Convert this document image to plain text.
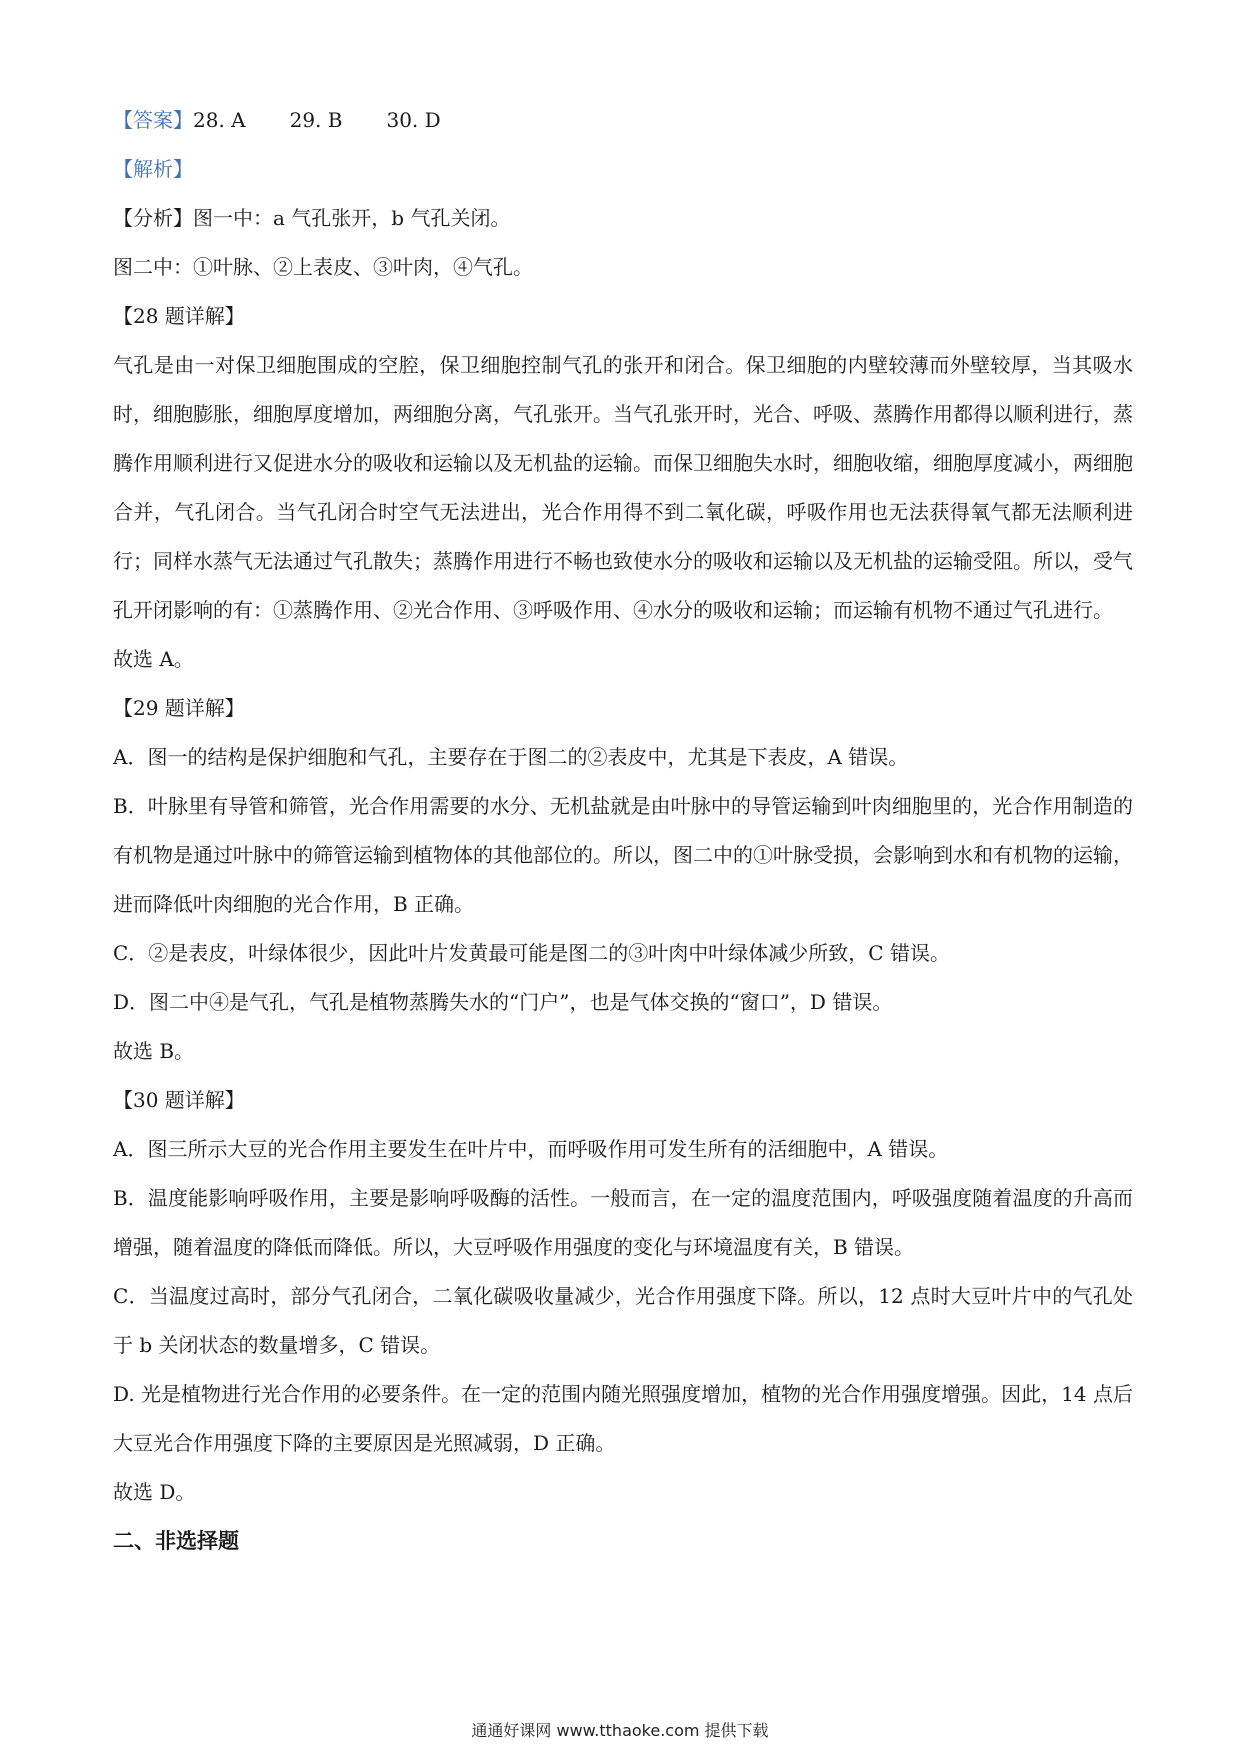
【答案】28. A 29. B 30. D
【解析】
【分析】图一中：a 气孔张开，b 气孔关闭。
图二中：①叶脉、②上表皮、③叶肉，④气孔。
【28 题详解】
气孔是由一对保卫细胞围成的空腔，保卫细胞控制气孔的张开和闭合。保卫细胞的内壁较薄而外壁较厚，当其吸水时，细胞膨胀，细胞厚度增加，两细胞分离，气孔张开。当气孔张开时，光合、呼吸、蒸腾作用都得以顺利进行，蒸腾作用顺利进行又促进水分的吸收和运输以及无机盐的运输。而保卫细胞失水时，细胞收缩，细胞厚度减小，两细胞合并，气孔闭合。当气孔闭合时空气无法进出，光合作用得不到二氧化碳，呼吸作用也无法获得氧气都无法顺利进行；同样水蒸气无法通过气孔散失；蒸腾作用进行不畅也致使水分的吸收和运输以及无机盐的运输受阻。所以，受气孔开闭影响的有：①蒸腾作用、②光合作用、③呼吸作用、④水分的吸收和运输；而运输有机物不通过气孔进行。
故选 A。
【29 题详解】
A．图一的结构是保护细胞和气孔，主要存在于图二的②表皮中，尤其是下表皮，A 错误。
B．叶脉里有导管和筛管，光合作用需要的水分、无机盐就是由叶脉中的导管运输到叶肉细胞里的，光合作用制造的有机物是通过叶脉中的筛管运输到植物体的其他部位的。所以，图二中的①叶脉受损，会影响到水和有机物的运输，进而降低叶肉细胞的光合作用，B 正确。
C．②是表皮，叶绿体很少，因此叶片发黄最可能是图二的③叶肉中叶绿体减少所致，C 错误。
D．图二中④是气孔，气孔是植物蒸腾失水的“门户”，也是气体交换的“窗口”，D 错误。
故选 B。
【30 题详解】
A．图三所示大豆的光合作用主要发生在叶片中，而呼吸作用可发生所有的活细胞中，A 错误。
B．温度能影响呼吸作用，主要是影响呼吸酶的活性。一般而言，在一定的温度范围内，呼吸强度随着温度的升高而增强，随着温度的降低而降低。所以，大豆呼吸作用强度的变化与环境温度有关，B 错误。
C．当温度过高时，部分气孔闭合，二氧化碳吸收量减少，光合作用强度下降。所以，12 点时大豆叶片中的气孔处于 b 关闭状态的数量增多，C 错误。
D. 光是植物进行光合作用的必要条件。在一定的范围内随光照强度增加，植物的光合作用强度增强。因此，14 点后大豆光合作用强度下降的主要原因是光照减弱，D 正确。
故选 D。
二、非选择题
通通好课网 www.tthaoke.com 提供下载
